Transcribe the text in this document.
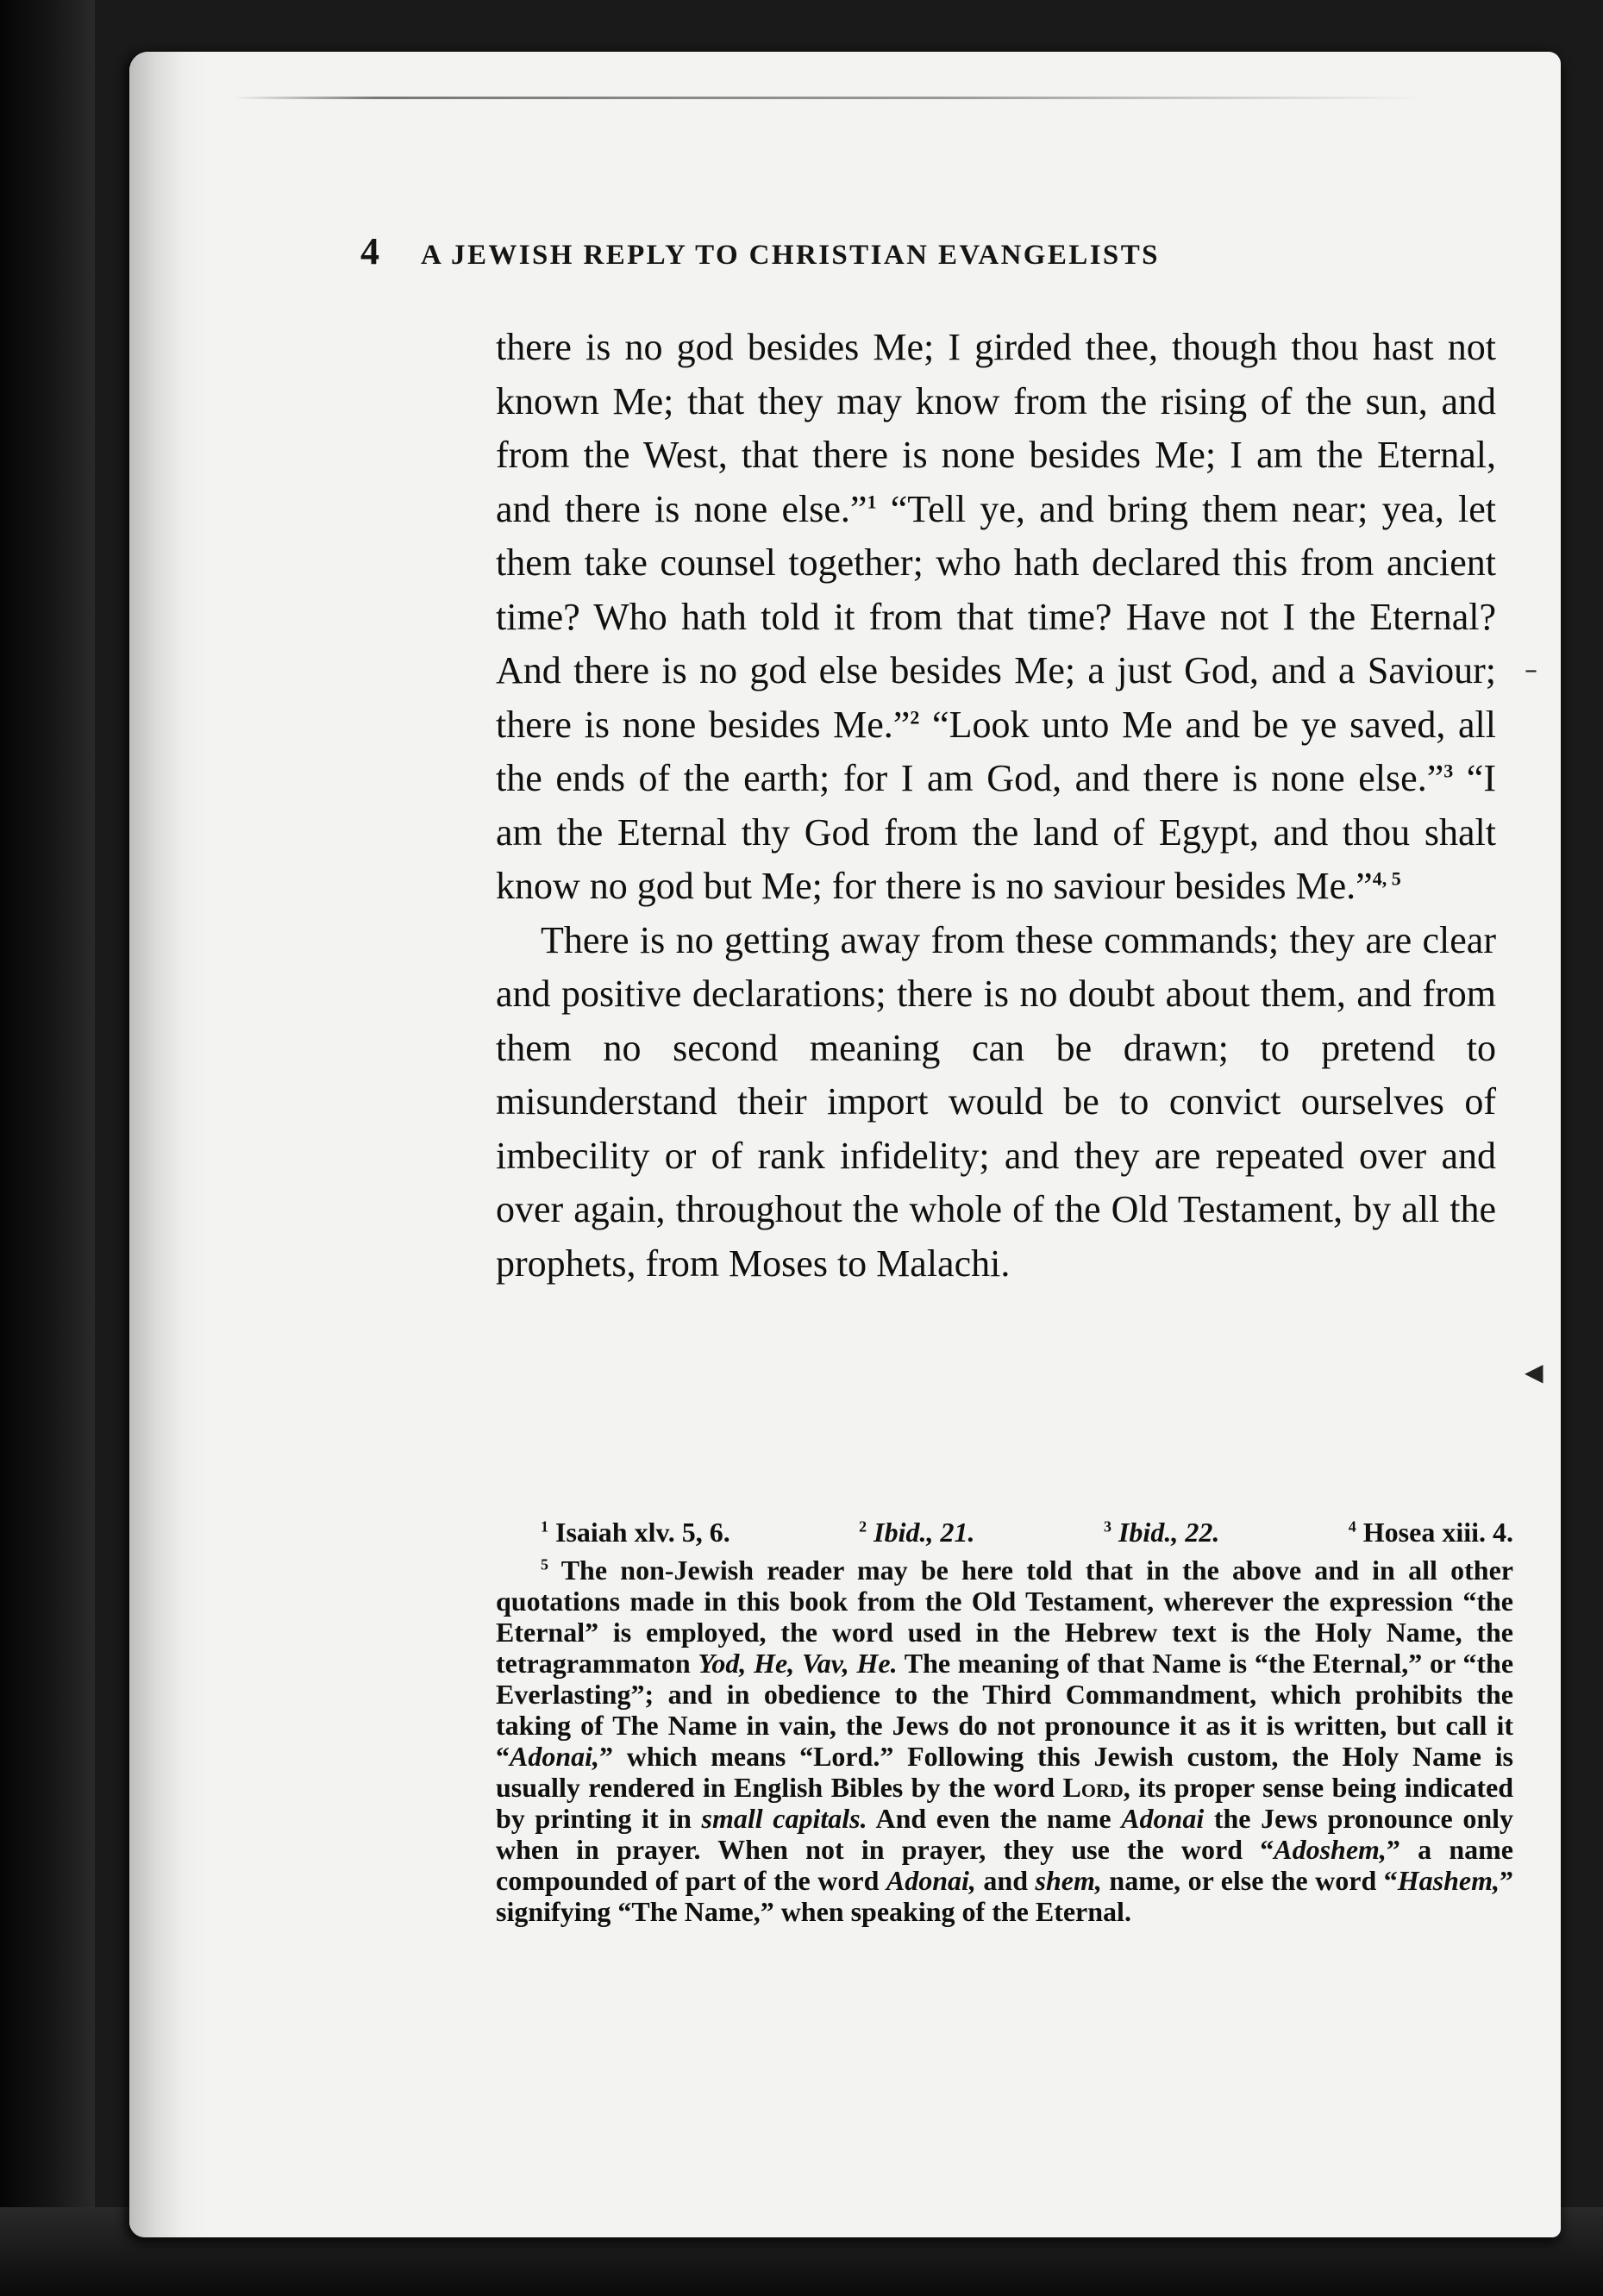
4	A JEWISH REPLY TO CHRISTIAN EVANGELISTS

there is no god besides Me; I girded thee, though thou hast not known Me; that they may know from the rising of the sun, and from the West, that there is none besides Me; I am the Eternal, and there is none else.”$^1$ “Tell ye, and bring them near; yea, let them take counsel together; who hath declared this from ancient time? Who hath told it from that time? Have not I the Eternal? And there is no god else besides Me; a just God, and a Saviour; there is none besides Me.”$^2$ “Look unto Me and be ye saved, all the ends of the earth; for I am God, and there is none else.”$^3$ “I am the Eternal thy God from the land of Egypt, and thou shalt know no god but Me; for there is no saviour besides Me.”$^{4, 5}$

There is no getting away from these commands; they are clear and positive declarations; there is no doubt about them, and from them no second meaning can be drawn; to pretend to misunderstand their import would be to convict ourselves of imbecility or of rank infidelity; and they are repeated over and over again, throughout the whole of the Old Testament, by all the prophets, from Moses to Malachi.

$^1$ Isaiah xlv. 5, 6.	$^2$ Ibid., 21.	$^3$ Ibid., 22.	$^4$ Hosea xiii. 4.

$^5$ The non-Jewish reader may be here told that in the above and in all other quotations made in this book from the Old Testament, wherever the expression “the Eternal” is employed, the word used in the Hebrew text is the Holy Name, the tetragrammaton Yod, He, Vav, He. The meaning of that Name is “the Eternal,” or “the Everlasting”; and in obedience to the Third Commandment, which prohibits the taking of The Name in vain, the Jews do not pronounce it as it is written, but call it “Adonai,” which means “Lord.” Following this Jewish custom, the Holy Name is usually rendered in English Bibles by the word Lord, its proper sense being indicated by printing it in small capitals. And even the name Adonai the Jews pronounce only when in prayer. When not in prayer, they use the word “Adoshem,” a name compounded of part of the word Adonai, and shem, name, or else the word “Hashem,” signifying “The Name,” when speaking of the Eternal.

–
◀
